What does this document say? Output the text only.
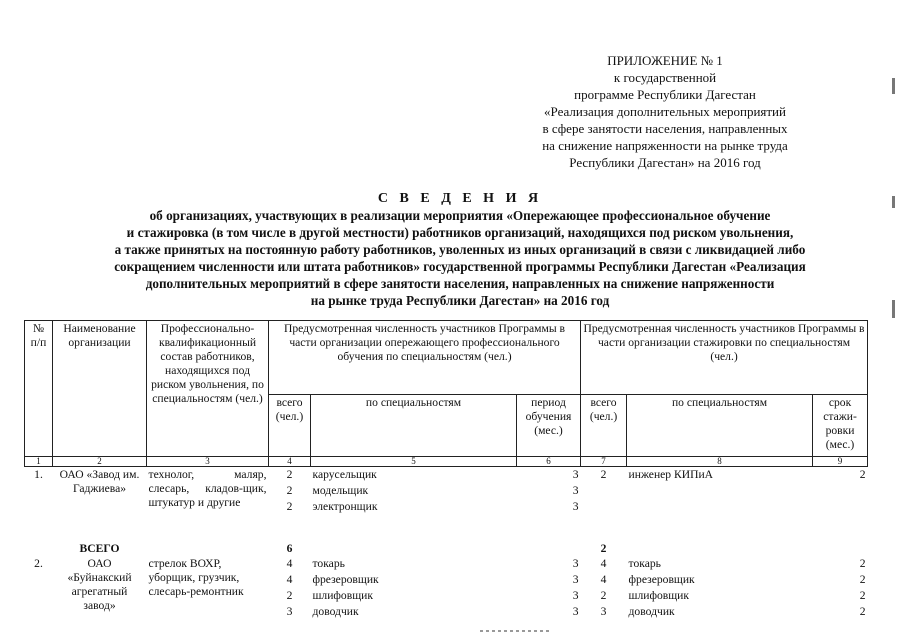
ПРИЛОЖЕНИЕ № 1
к государственной
программе Республики Дагестан
«Реализация дополнительных мероприятий
в сфере занятости населения, направленных
на снижение напряженности на рынке труда
Республики Дагестан» на 2016 год
С В Е Д Е Н И Я
об организациях, участвующих в реализации мероприятия «Опережающее профессиональное обучение
и стажировка (в том числе в другой местности) работников организаций, находящихся под риском увольнения,
а также принятых на постоянную работу работников, уволенных из иных организаций в связи с ликвидацией либо
сокращением численности или штата работников» государственной программы Республики Дагестан «Реализация
дополнительных мероприятий в сфере занятости населения, направленных на снижение напряженности
на рынке труда Республики Дагестан» на 2016 год
№ п/п	Наименование организации	Профессионально-квалификационный состав работников, находящихся под риском увольнения, по специальностям (чел.)	Предусмотренная численность участников Программы в части организации опережающего профессионального обучения по специальностям (чел.)			Предусмотренная численность участников Программы в части организации стажировки по специальностям (чел.)		
			всего (чел.)	по специальностям	период обучения (мес.)	всего (чел.)	по специальностям	срок стажи-ровки (мес.)
1	2	3	4	5	6	7	8	9
1.	ОАО «Завод им. Гаджиева»	технолог, маляр, слесарь, кладов-щик, штукатур и другие	2	карусельщик	3	2	инженер КИПиА	2
			2	модельщик	3			
			2	электронщик	3			
	ВСЕГО		6			2		
2.	ОАО «Буйнакский агрегатный завод»	стрелок ВОХР, уборщик, грузчик, слесарь-ремонтник	4	токарь	3	4	токарь	2
			4	фрезеровщик	3	4	фрезеровщик	2
			2	шлифовщик	3	2	шлифовщик	2
			3	доводчик	3	3	доводчик	2
